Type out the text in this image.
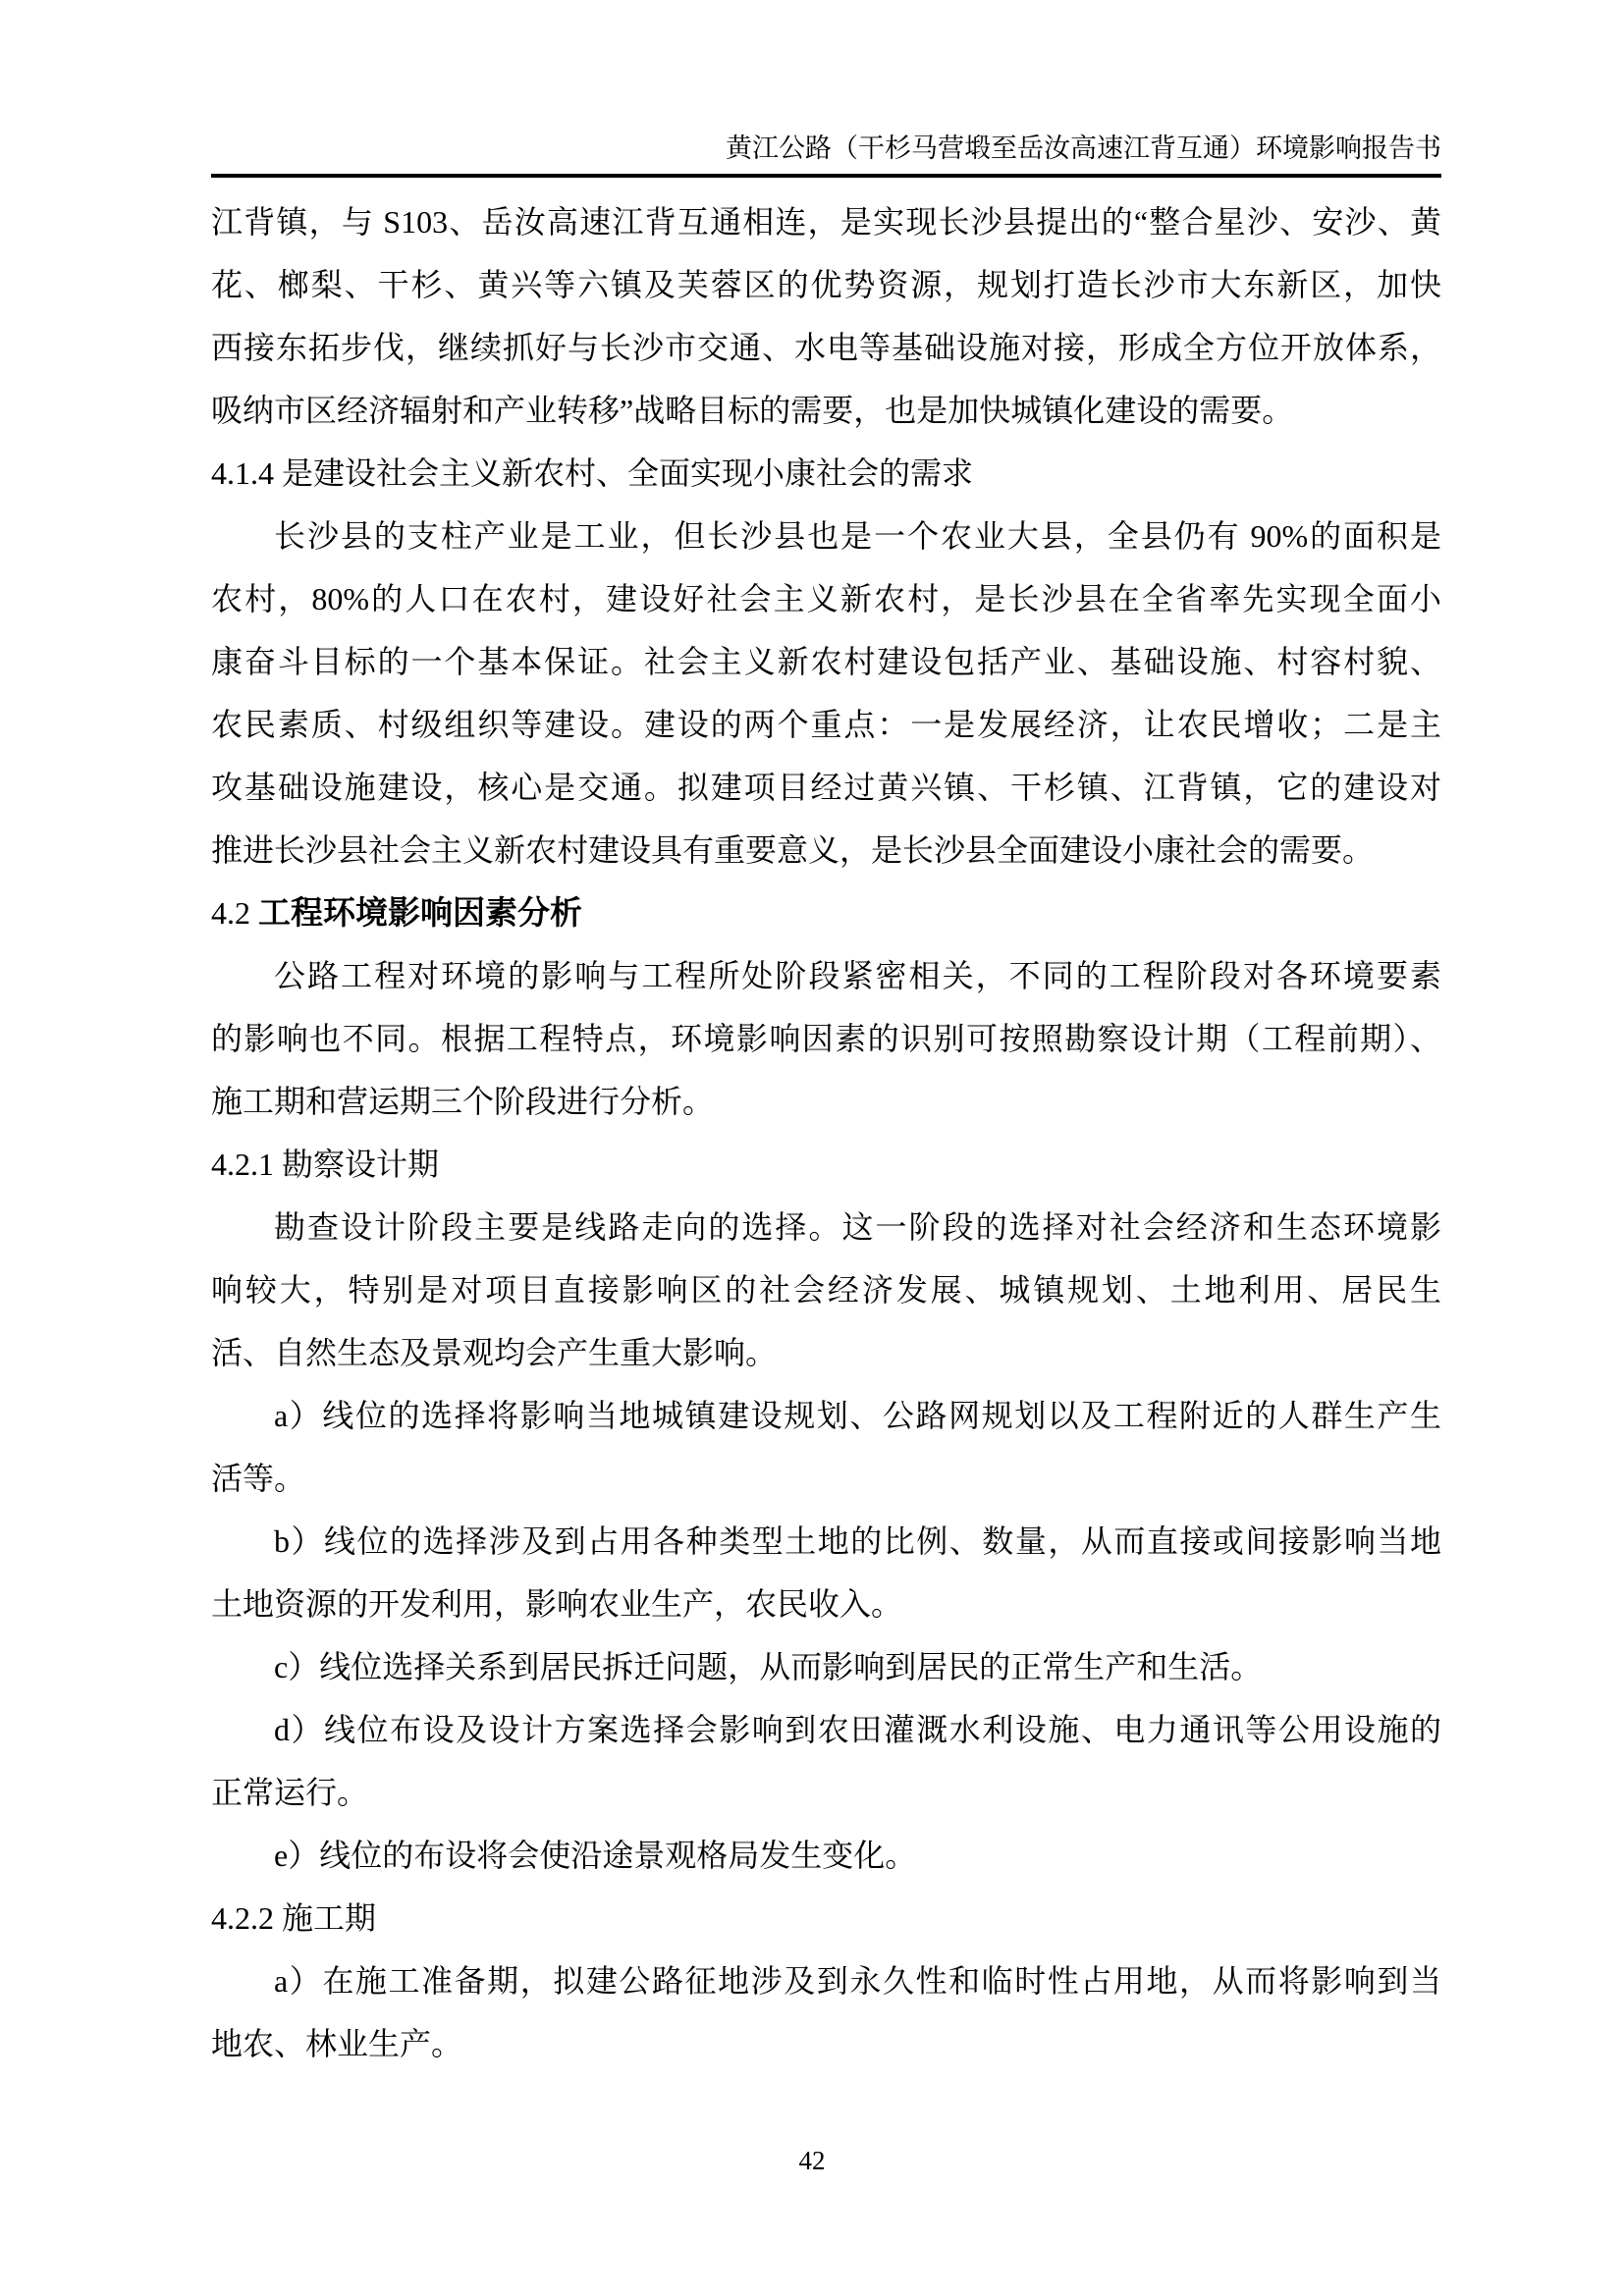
黄江公路（干杉马营塅至岳汝高速江背互通）环境影响报告书
江背镇，与 S103、岳汝高速江背互通相连，是实现长沙县提出的“整合星沙、安沙、黄
花、榔梨、干杉、黄兴等六镇及芙蓉区的优势资源，规划打造长沙市大东新区，加快
西接东拓步伐，继续抓好与长沙市交通、水电等基础设施对接，形成全方位开放体系，
吸纳市区经济辐射和产业转移”战略目标的需要，也是加快城镇化建设的需要。
4.1.4 是建设社会主义新农村、全面实现小康社会的需求
长沙县的支柱产业是工业，但长沙县也是一个农业大县，全县仍有 90%的面积是
农村，80%的人口在农村，建设好社会主义新农村，是长沙县在全省率先实现全面小
康奋斗目标的一个基本保证。社会主义新农村建设包括产业、基础设施、村容村貌、
农民素质、村级组织等建设。建设的两个重点：一是发展经济，让农民增收；二是主
攻基础设施建设，核心是交通。拟建项目经过黄兴镇、干杉镇、江背镇，它的建设对
推进长沙县社会主义新农村建设具有重要意义，是长沙县全面建设小康社会的需要。
4.2 工程环境影响因素分析
公路工程对环境的影响与工程所处阶段紧密相关，不同的工程阶段对各环境要素
的影响也不同。根据工程特点，环境影响因素的识别可按照勘察设计期（工程前期）、
施工期和营运期三个阶段进行分析。
4.2.1 勘察设计期
勘查设计阶段主要是线路走向的选择。这一阶段的选择对社会经济和生态环境影
响较大，特别是对项目直接影响区的社会经济发展、城镇规划、土地利用、居民生
活、自然生态及景观均会产生重大影响。
a）线位的选择将影响当地城镇建设规划、公路网规划以及工程附近的人群生产生
活等。
b）线位的选择涉及到占用各种类型土地的比例、数量，从而直接或间接影响当地
土地资源的开发利用，影响农业生产，农民收入。
c）线位选择关系到居民拆迁问题，从而影响到居民的正常生产和生活。
d）线位布设及设计方案选择会影响到农田灌溉水利设施、电力通讯等公用设施的
正常运行。
e）线位的布设将会使沿途景观格局发生变化。
4.2.2 施工期
a）在施工准备期，拟建公路征地涉及到永久性和临时性占用地，从而将影响到当
地农、林业生产。
42
